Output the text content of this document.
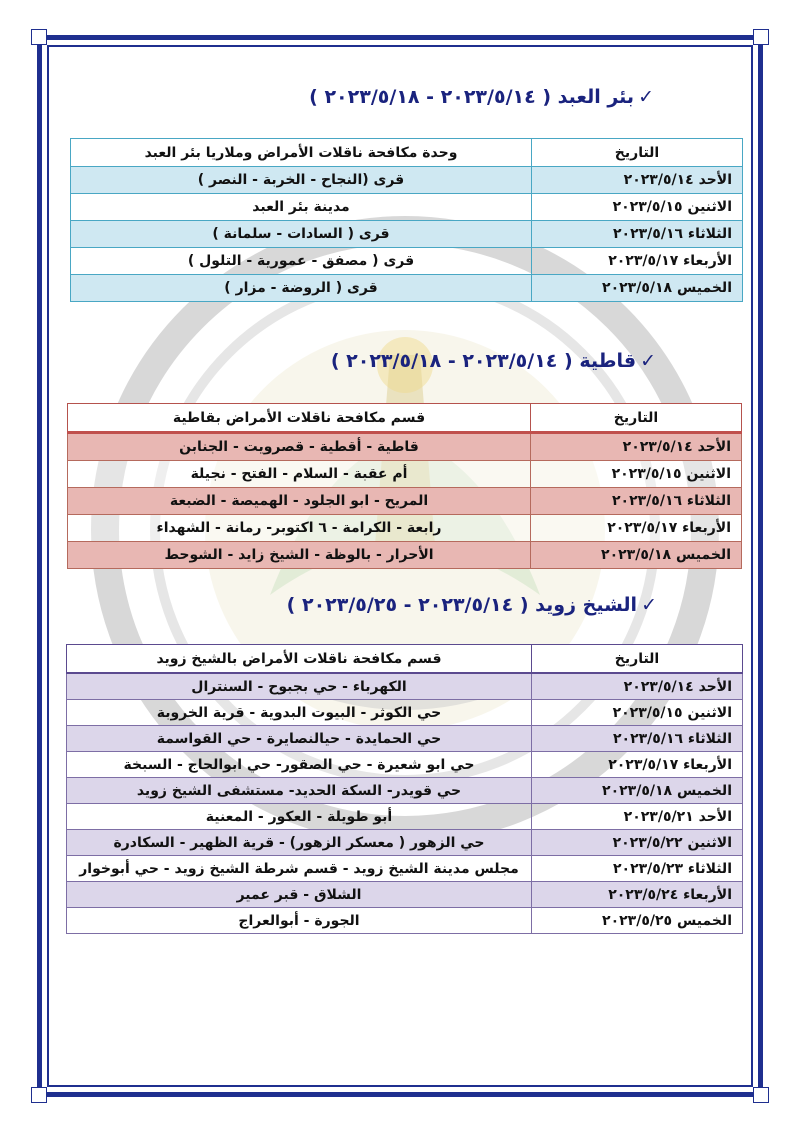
✓بئر العبد ( ٢٠٢٣/٥/١٤ - ٢٠٢٣/٥/١٨ )
التاريخ	وحدة مكافحة ناقلات الأمراض وملاريا بئر العبد
الأحد ٢٠٢٣/٥/١٤	قرى (النجاح - الخربة - النصر )
الاثنين ٢٠٢٣/٥/١٥	مدينة بئر العبد
الثلاثاء ٢٠٢٣/٥/١٦	قرى ( السادات - سلمانة )
الأربعاء ٢٠٢٣/٥/١٧	قرى ( مصفق - عمورية - التلول )
الخميس ٢٠٢٣/٥/١٨	قرى ( الروضة - مزار )
✓قاطية ( ٢٠٢٣/٥/١٤ - ٢٠٢٣/٥/١٨ )
التاريخ	قسم مكافحة ناقلات الأمراض بقاطية
الأحد ٢٠٢٣/٥/١٤	قاطية - أقطية - قصرويت - الجنابن
الاثنين ٢٠٢٣/٥/١٥	أم عقبة - السلام - الفتح - نجيلة
الثلاثاء ٢٠٢٣/٥/١٦	المريح - ابو الجلود - الهميصة - الضبعة
الأربعاء ٢٠٢٣/٥/١٧	رابعة - الكرامة - ٦ اكتوبر- رمانة - الشهداء
الخميس ٢٠٢٣/٥/١٨	الأحرار - بالوظة - الشيخ زايد - الشوحط
✓الشيخ زويد ( ٢٠٢٣/٥/١٤ - ٢٠٢٣/٥/٢٥ )
التاريخ	قسم مكافحة ناقلات الأمراض بالشيخ زويد
الأحد ٢٠٢٣/٥/١٤	الكهرباء - حي بجبوح - السنترال
الاثنين ٢٠٢٣/٥/١٥	حي الكوثر - البيوت البدوية - قرية الخروبة
الثلاثاء ٢٠٢٣/٥/١٦	حي الحمايدة - حيالنصايرة - حي القواسمة
الأربعاء ٢٠٢٣/٥/١٧	حي ابو شعيرة - حي الصقور- حي ابوالحاج - السبخة
الخميس ٢٠٢٣/٥/١٨	حي قويدر- السكة الحديد- مستشفى الشيخ زويد
الأحد ٢٠٢٣/٥/٢١	أبو طويلة - العكور - المعنية
الاثنين ٢٠٢٣/٥/٢٢	حي الزهور ( معسكر الزهور) - قرية الظهير - السكادرة
الثلاثاء ٢٠٢٣/٥/٢٣	مجلس مدينة الشيخ زويد - قسم شرطة الشيخ زويد - حي أبوخوار
الأربعاء ٢٠٢٣/٥/٢٤	الشلاق - قبر عمير
الخميس ٢٠٢٣/٥/٢٥	الجورة - أبوالعراج
